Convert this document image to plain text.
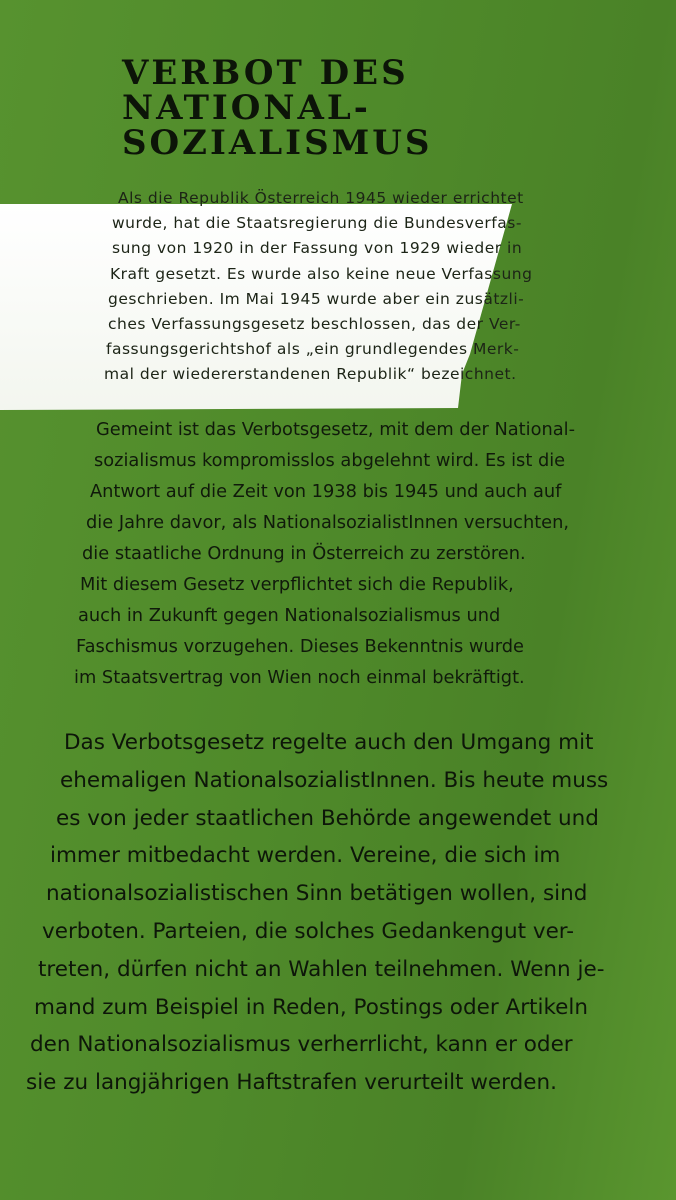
VERBOT DES
NATIONAL-
SOZIALISMUS

Als die Republik Österreich 1945 wieder errichtet
wurde, hat die Staatsregierung die Bundesverfas-
sung von 1920 in der Fassung von 1929 wieder in
Kraft gesetzt. Es wurde also keine neue Verfassung
geschrieben. Im Mai 1945 wurde aber ein zusätzli-
ches Verfassungsgesetz beschlossen, das der Ver-
fassungsgerichtshof als „ein grundlegendes Merk-
mal der wiedererstandenen Republik“ bezeichnet.

Gemeint ist das Verbotsgesetz, mit dem der National-
sozialismus kompromisslos abgelehnt wird. Es ist die
Antwort auf die Zeit von 1938 bis 1945 und auch auf
die Jahre davor, als NationalsozialistInnen versuchten,
die staatliche Ordnung in Österreich zu zerstören.
Mit diesem Gesetz verpflichtet sich die Republik,
auch in Zukunft gegen Nationalsozialismus und
Faschismus vorzugehen. Dieses Bekenntnis wurde
im Staatsvertrag von Wien noch einmal bekräftigt.

Das Verbotsgesetz regelte auch den Umgang mit
ehemaligen NationalsozialistInnen. Bis heute muss
es von jeder staatlichen Behörde angewendet und
immer mitbedacht werden. Vereine, die sich im
nationalsozialistischen Sinn betätigen wollen, sind
verboten. Parteien, die solches Gedankengut ver-
treten, dürfen nicht an Wahlen teilnehmen. Wenn je-
mand zum Beispiel in Reden, Postings oder Artikeln
den Nationalsozialismus verherrlicht, kann er oder
sie zu langjährigen Haftstrafen verurteilt werden.
